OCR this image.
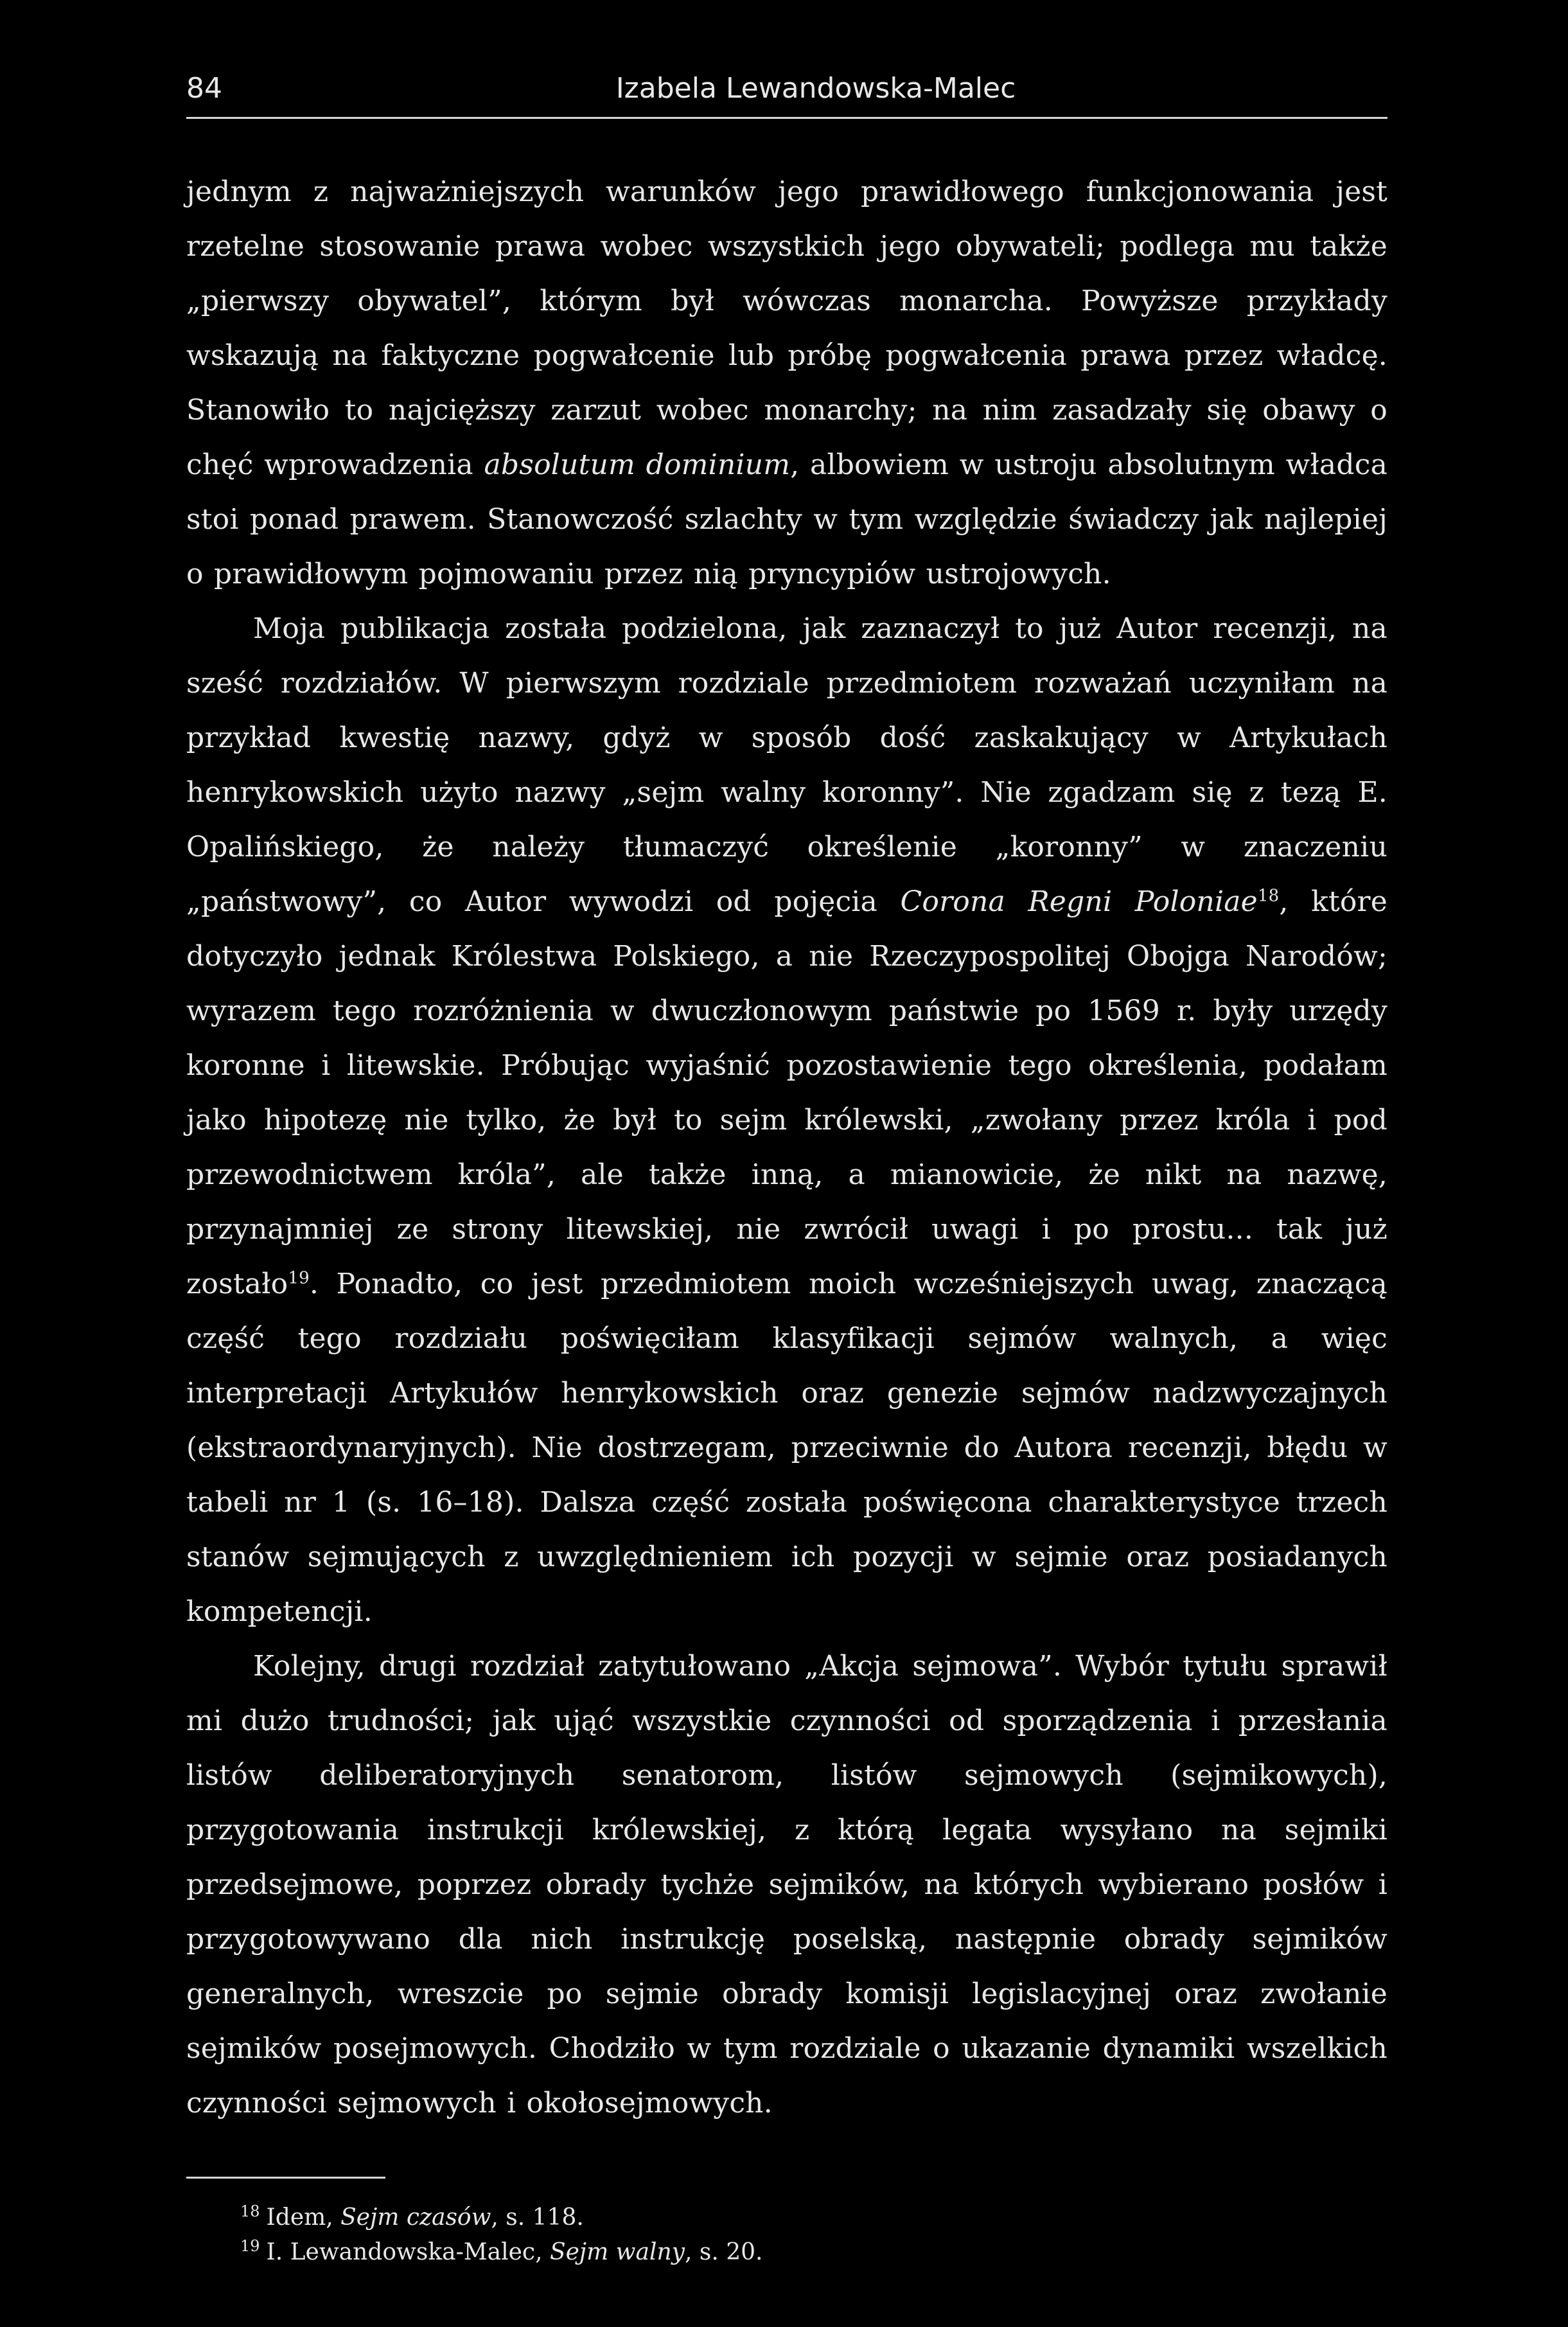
84	Izabela Lewandowska-Malec

jednym z najważniejszych warunków jego prawidłowego funkcjonowania jest rzetelne stosowanie prawa wobec wszystkich jego obywateli; podlega mu także „pierwszy obywatel”, którym był wówczas monarcha. Powyższe przykłady wskazują na faktyczne pogwałcenie lub próbę pogwałcenia prawa przez władcę. Stanowiło to najcięższy zarzut wobec monarchy; na nim zasadzały się obawy o chęć wprowadzenia absolutum dominium, albowiem w ustroju absolutnym władca stoi ponad prawem. Stanowczość szlachty w tym względzie świadczy jak najlepiej o prawidłowym pojmowaniu przez nią pryncypiów ustrojowych.

Moja publikacja została podzielona, jak zaznaczył to już Autor recenzji, na sześć rozdziałów. W pierwszym rozdziale przedmiotem rozważań uczyniłam na przykład kwestię nazwy, gdyż w sposób dość zaskakujący w Artykułach henrykowskich użyto nazwy „sejm walny koronny”. Nie zgadzam się z tezą E. Opalińskiego, że należy tłumaczyć określenie „koronny” w znaczeniu „państwowy”, co Autor wywodzi od pojęcia Corona Regni Poloniae$^{18}$, które dotyczyło jednak Królestwa Polskiego, a nie Rzeczypospolitej Obojga Narodów; wyrazem tego rozróżnienia w dwuczłonowym państwie po 1569 r. były urzędy koronne i litewskie. Próbując wyjaśnić pozostawienie tego określenia, podałam jako hipotezę nie tylko, że był to sejm królewski, „zwołany przez króla i pod przewodnictwem króla”, ale także inną, a mianowicie, że nikt na nazwę, przynajmniej ze strony litewskiej, nie zwrócił uwagi i po prostu... tak już zostało$^{19}$. Ponadto, co jest przedmiotem moich wcześniejszych uwag, znaczącą część tego rozdziału poświęciłam klasyfikacji sejmów walnych, a więc interpretacji Artykułów henrykowskich oraz genezie sejmów nadzwyczajnych (ekstraordynaryjnych). Nie dostrzegam, przeciwnie do Autora recenzji, błędu w tabeli nr 1 (s. 16–18). Dalsza część została poświęcona charakterystyce trzech stanów sejmujących z uwzględnieniem ich pozycji w sejmie oraz posiadanych kompetencji.

Kolejny, drugi rozdział zatytułowano „Akcja sejmowa”. Wybór tytułu sprawił mi dużo trudności; jak ująć wszystkie czynności od sporządzenia i przesłania listów deliberatoryjnych senatorom, listów sejmowych (sejmikowych), przygotowania instrukcji królewskiej, z którą legata wysyłano na sejmiki przedsejmowe, poprzez obrady tychże sejmików, na których wybierano posłów i przygotowywano dla nich instrukcję poselską, następnie obrady sejmików generalnych, wreszcie po sejmie obrady komisji legislacyjnej oraz zwołanie sejmików posejmowych. Chodziło w tym rozdziale o ukazanie dynamiki wszelkich czynności sejmowych i okołosejmowych.

$^{18}$ Idem, Sejm czasów, s. 118.
$^{19}$ I. Lewandowska-Malec, Sejm walny, s. 20.
